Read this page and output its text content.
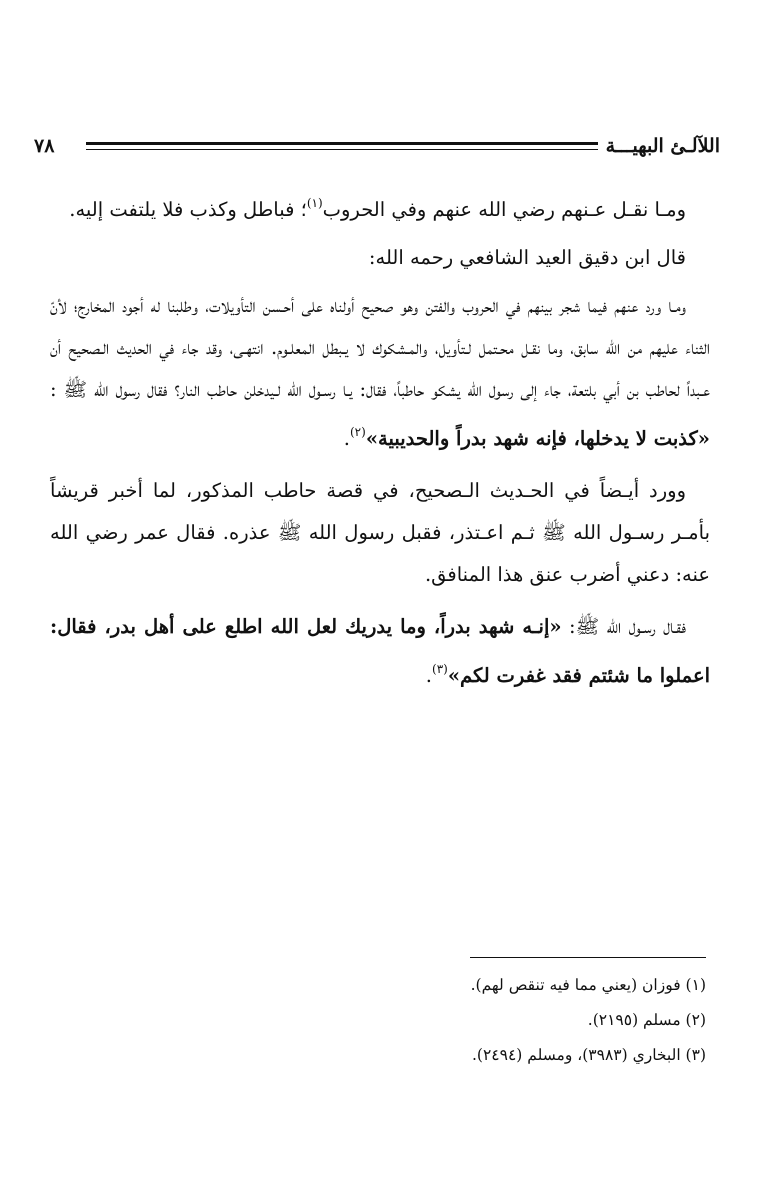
٧٨	اللآلـئ البهيـــة

ومـا نقـل عـنهم رضي الله عنهم وفي الحروب$^{(١)}$؛ فباطل وكذب فلا يلتفت إليه.

قال ابن دقيق العيد الشافعي رحمه الله:

ومـا ورد عنهم فيما شجر بينهم في الحروب والفتن وهو صحيح أولناه على أحـسن التأويلات، وطلبنا له أجود المخارج؛ لأنّ الثناء عليهم من الله سابق، وما نقـل محـتمل لـتأويل، والمـشكوك لا يـبطل المعلـوم. انتهـى، وقد جاء في الحديث الـصحيح أن عـبداً لحاطب بن أبي بلتعة، جاء إلى رسول الله يشكو حاطباً، فقال: يـا رسـول الله لـيدخلن حاطب النار؟ فقال رسول الله ﷺ : «كذبت لا يدخلها، فإنه شهد بدراً والحديبية»$^{(٢)}$.

وورد أيـضاً في الحـديث الـصحيح، في قصة حاطب المذكور، لما أخبر قريشاً بأمـر رسـول الله ﷺ ثـم اعـتذر، فقبل رسول الله ﷺ عذره. فقال عمر رضي الله عنه: دعني أضرب عنق هذا المنافق.

فقـال رسـول الله ﷺ: «إنـه شهد بدراً، وما يدريك لعل الله اطلع على أهل بدر، فقال: اعملوا ما شئتم فقد غفرت لكم»$^{(٣)}$.

(١) فوزان (يعني مما فيه تنقص لهم).
(٢) مسلم (٢١٩٥).
(٣) البخاري (٣٩٨٣)، ومسلم (٢٤٩٤).
